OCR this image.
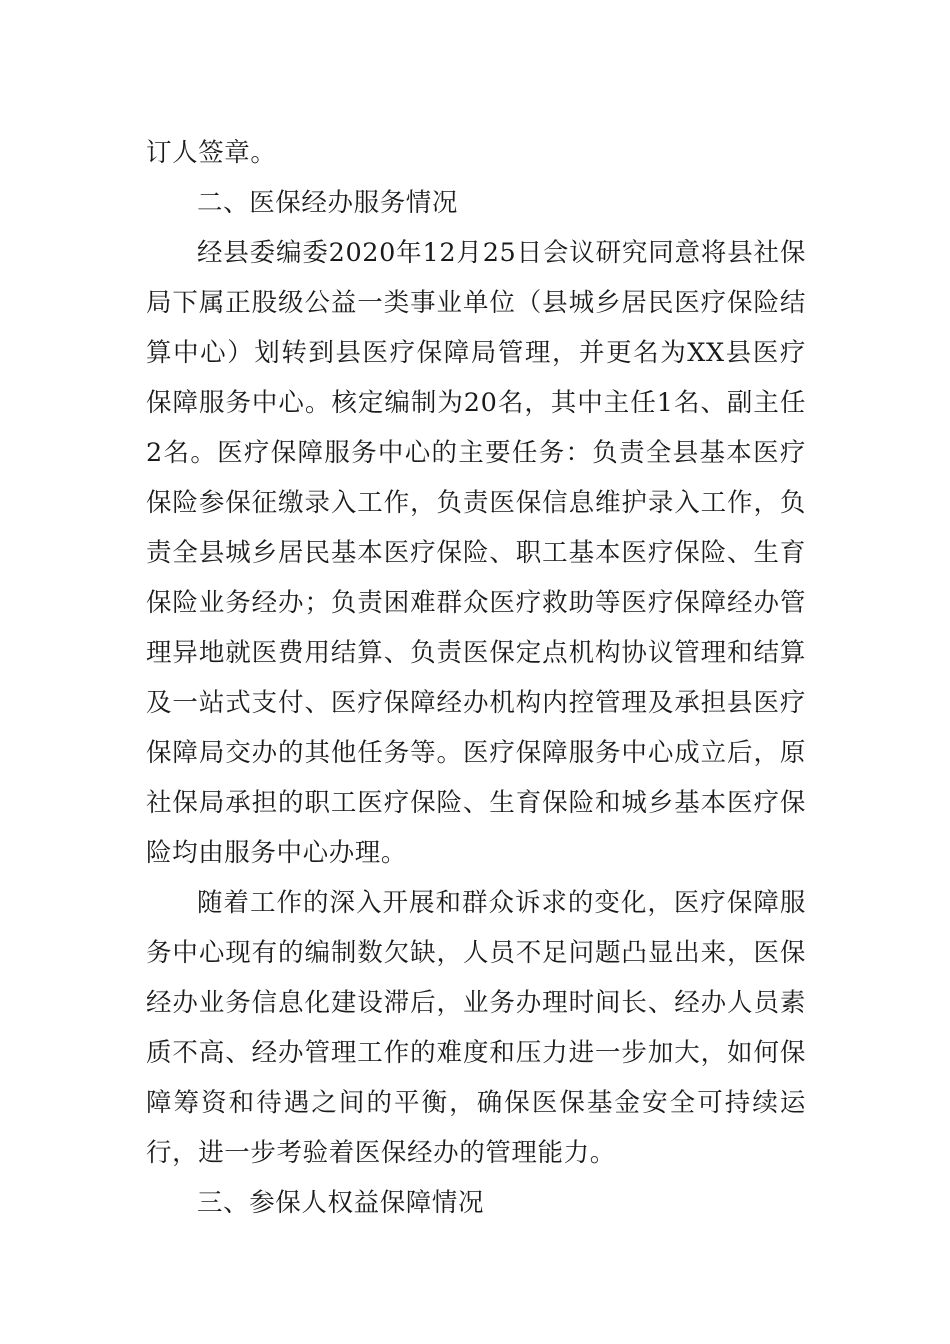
订人签章。

二、医保经办服务情况

经县委编委2020年12月25日会议研究同意将县社保局下属正股级公益一类事业单位（县城乡居民医疗保险结算中心）划转到县医疗保障局管理，并更名为XX县医疗保障服务中心。核定编制为20名，其中主任1名、副主任2名。医疗保障服务中心的主要任务：负责全县基本医疗保险参保征缴录入工作，负责医保信息维护录入工作，负责全县城乡居民基本医疗保险、职工基本医疗保险、生育保险业务经办；负责困难群众医疗救助等医疗保障经办管理异地就医费用结算、负责医保定点机构协议管理和结算及一站式支付、医疗保障经办机构内控管理及承担县医疗保障局交办的其他任务等。医疗保障服务中心成立后，原社保局承担的职工医疗保险、生育保险和城乡基本医疗保险均由服务中心办理。

随着工作的深入开展和群众诉求的变化，医疗保障服务中心现有的编制数欠缺，人员不足问题凸显出来，医保经办业务信息化建设滞后，业务办理时间长、经办人员素质不高、经办管理工作的难度和压力进一步加大，如何保障筹资和待遇之间的平衡，确保医保基金安全可持续运行，进一步考验着医保经办的管理能力。

三、参保人权益保障情况
